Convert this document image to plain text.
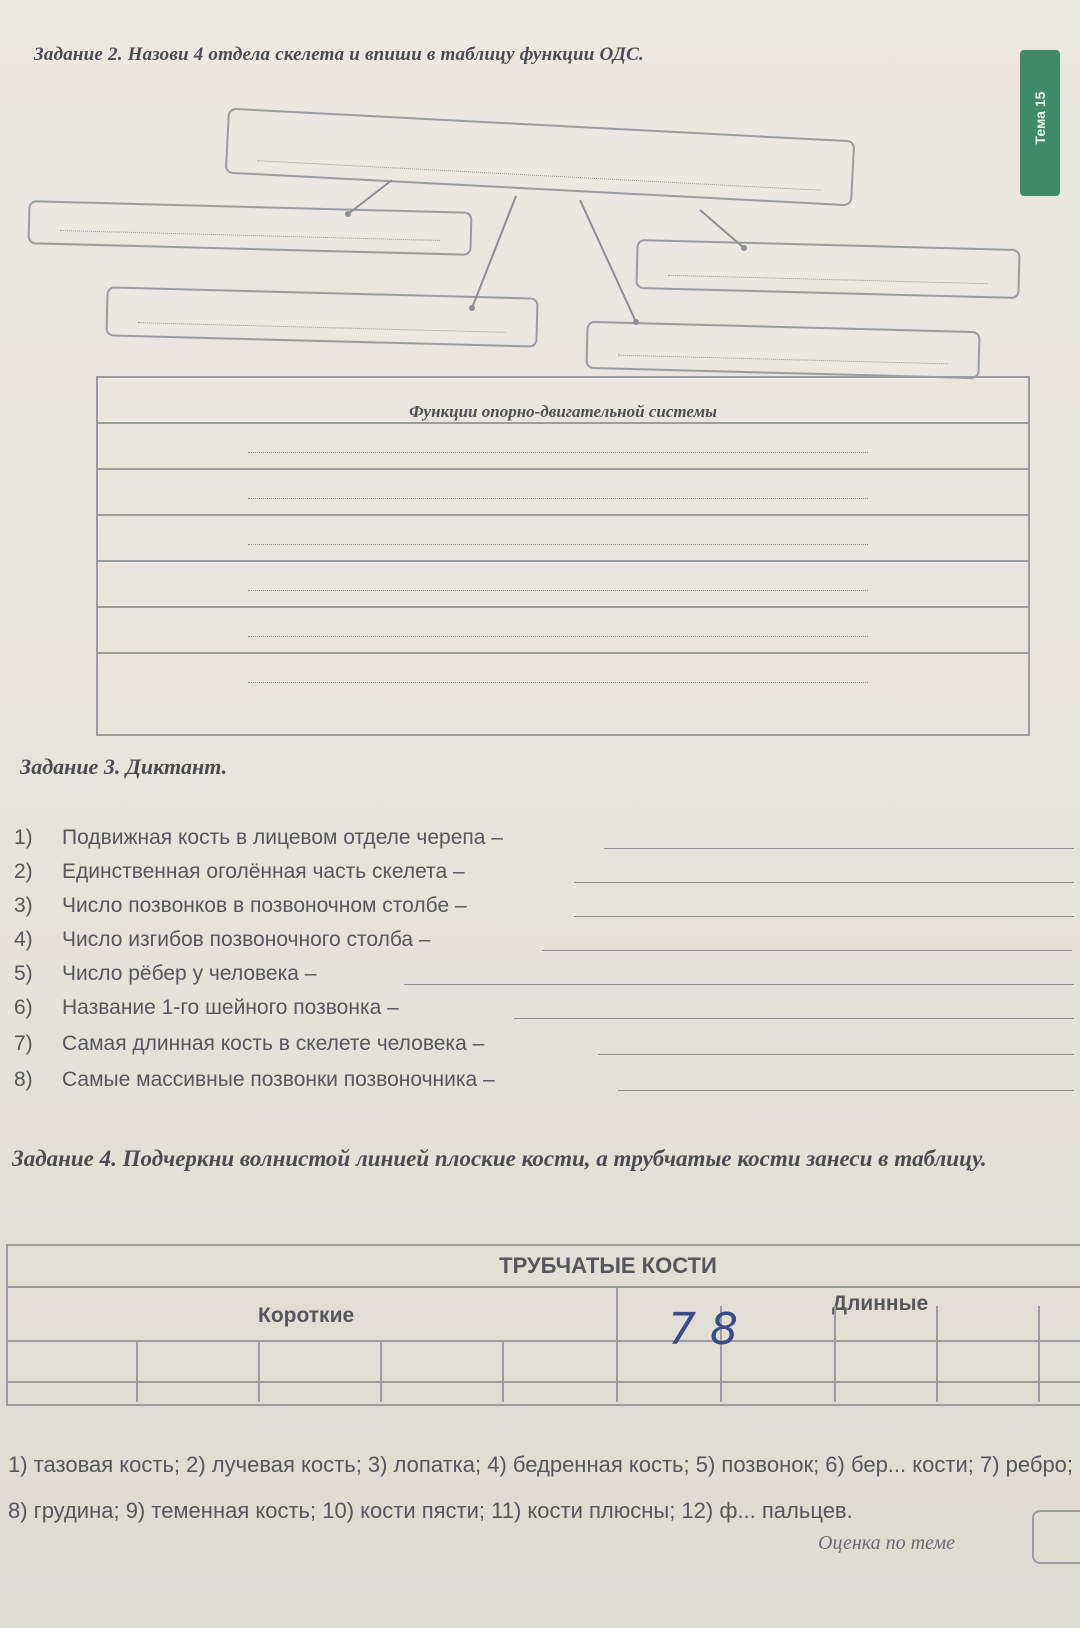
Задание 2. Назови 4 отдела скелета и впиши в таблицу функции ОДС.
Тема 15
Функции опорно-двигательной системы
Задание 3. Диктант.
1) Подвижная кость в лицевом отделе черепа –
2) Единственная оголённая часть скелета –
3) Число позвонков в позвоночном столбе –
4) Число изгибов позвоночного столба –
5) Число рёбер у человека –
6) Название 1-го шейного позвонка –
7) Самая длинная кость в скелете человека –
8) Самые массивные позвонки позвоночника –
Задание 4. Подчеркни волнистой линией плоские кости, а трубчатые кости занеси в таблицу.
ТРУБЧАТЫЕ КОСТИ
Короткие
Длинные
7 8
1) тазовая кость; 2) лучевая кость; 3) лопатка; 4) бедренная кость; 5) позвонок; 6) бер... кости; 7) ребро; 8) грудина; 9) теменная кость; 10) кости пясти; 11) кости плюсны; 12) ф... пальцев.
Оценка по теме
